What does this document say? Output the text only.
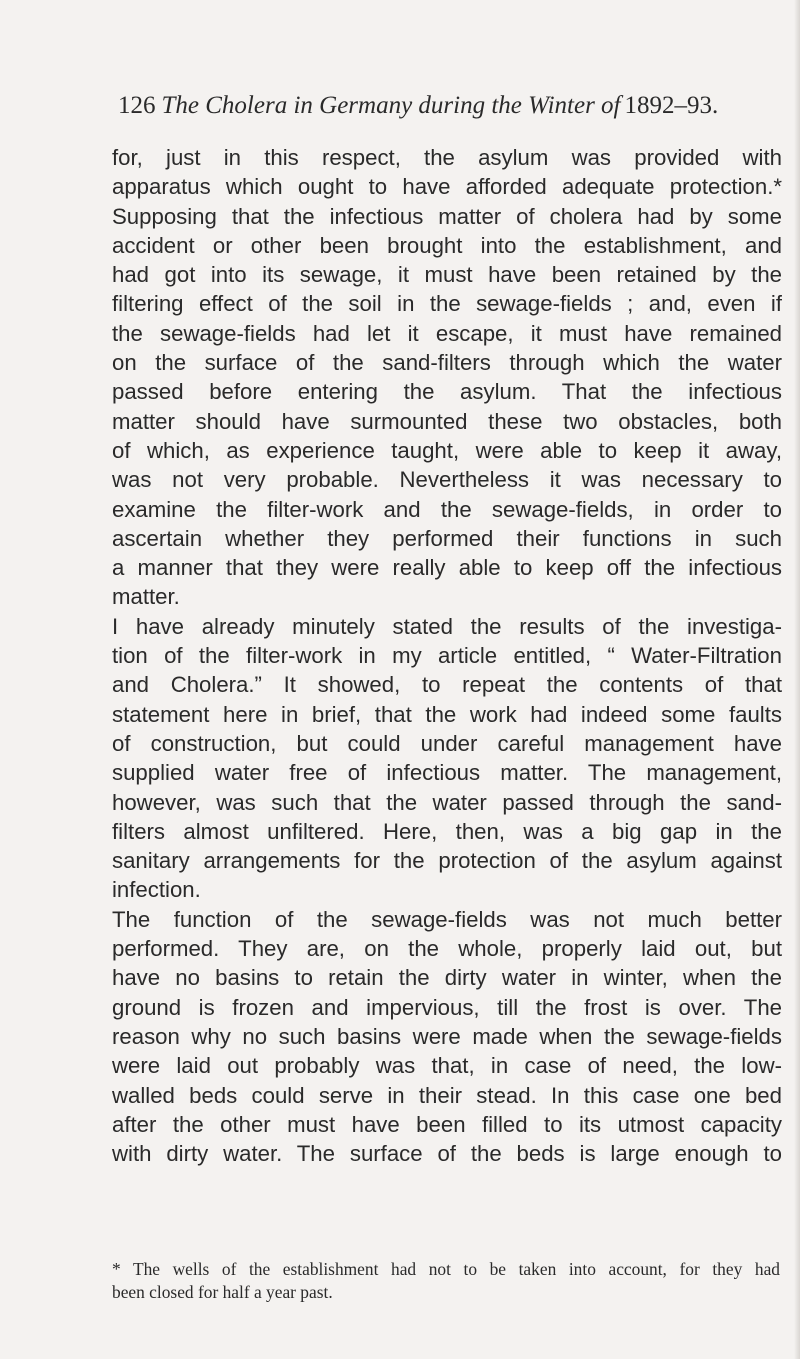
126 The Cholera in Germany during the Winter of 1892–93.
for, just in this respect, the asylum was provided with
apparatus which ought to have afforded adequate protection.*
Supposing that the infectious matter of cholera had by some
accident or other been brought into the establishment, and
had got into its sewage, it must have been retained by the
filtering effect of the soil in the sewage-fields ; and, even if
the sewage-fields had let it escape, it must have remained
on the surface of the sand-filters through which the water
passed before entering the asylum. That the infectious
matter should have surmounted these two obstacles, both
of which, as experience taught, were able to keep it away,
was not very probable. Nevertheless it was necessary to
examine the filter-work and the sewage-fields, in order to
ascertain whether they performed their functions in such
a manner that they were really able to keep off the infectious
matter.
I have already minutely stated the results of the investiga-
tion of the filter-work in my article entitled, “ Water-Filtration
and Cholera.” It showed, to repeat the contents of that
statement here in brief, that the work had indeed some faults
of construction, but could under careful management have
supplied water free of infectious matter. The management,
however, was such that the water passed through the sand-
filters almost unfiltered. Here, then, was a big gap in the
sanitary arrangements for the protection of the asylum against
infection.
The function of the sewage-fields was not much better
performed. They are, on the whole, properly laid out, but
have no basins to retain the dirty water in winter, when the
ground is frozen and impervious, till the frost is over. The
reason why no such basins were made when the sewage-fields
were laid out probably was that, in case of need, the low-
walled beds could serve in their stead. In this case one bed
after the other must have been filled to its utmost capacity
with dirty water. The surface of the beds is large enough to
* The wells of the establishment had not to be taken into account, for they had
been closed for half a year past.
